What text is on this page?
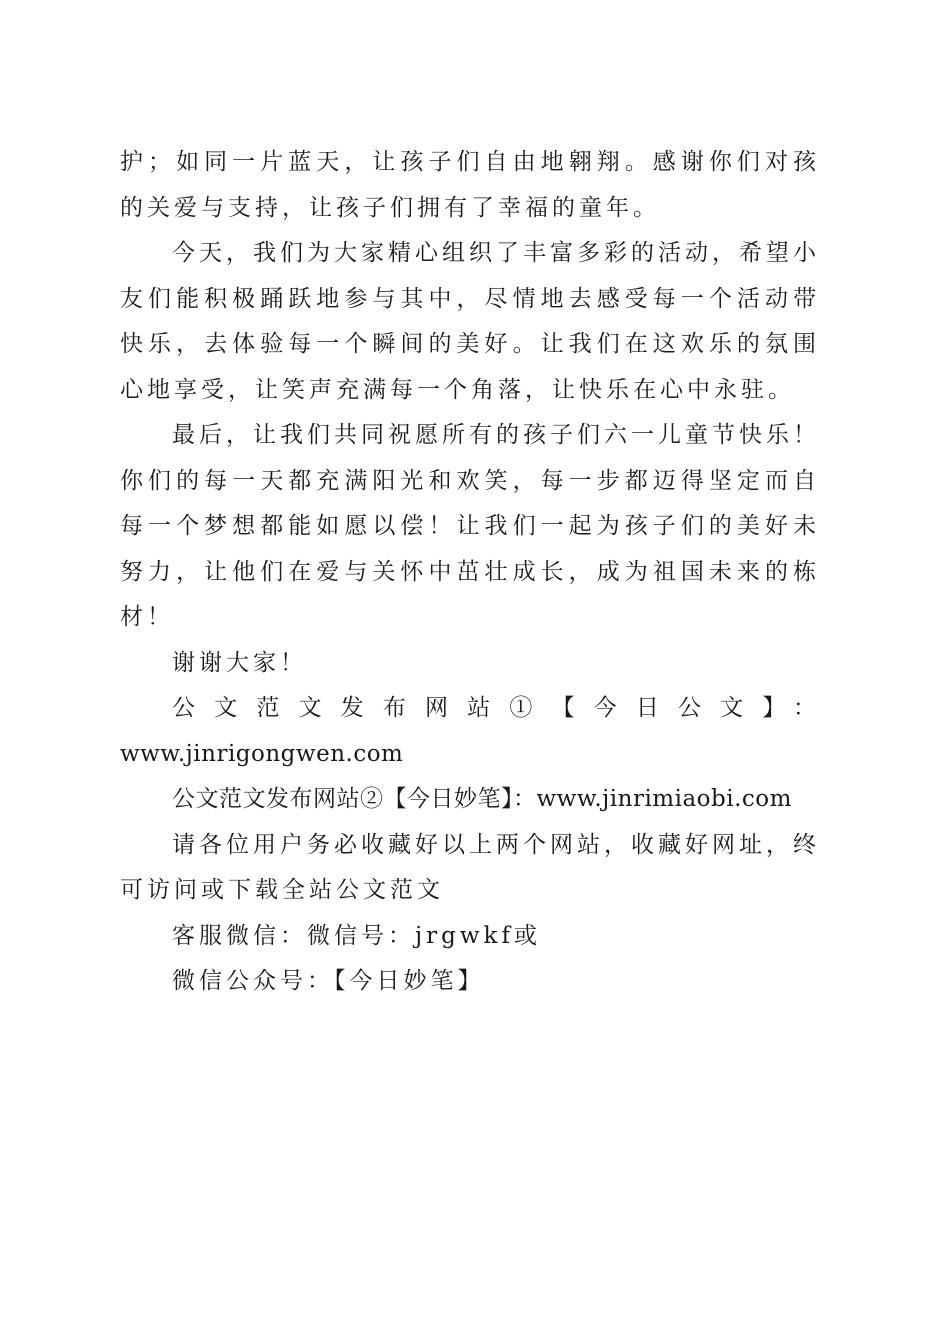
护；如同一片蓝天，让孩子们自由地翱翔。感谢你们对孩
的关爱与支持，让孩子们拥有了幸福的童年。
今天，我们为大家精心组织了丰富多彩的活动，希望小
友们能积极踊跃地参与其中，尽情地去感受每一个活动带
快乐，去体验每一个瞬间的美好。让我们在这欢乐的氛围
心地享受，让笑声充满每一个角落，让快乐在心中永驻。
最后，让我们共同祝愿所有的孩子们六一儿童节快乐！
你们的每一天都充满阳光和欢笑，每一步都迈得坚定而自
每一个梦想都能如愿以偿！让我们一起为孩子们的美好未
努力，让他们在爱与关怀中茁壮成长，成为祖国未来的栋
材！
谢谢大家！
公文范文发布网站①【今日公文】：
www.jinrigongwen.com
公文范文发布网站②【今日妙笔】：www.jinrimiaobi.com
请各位用户务必收藏好以上两个网站，收藏好网址，终
可访问或下载全站公文范文
客服微信：微信号：jrgwkf或
微信公众号：【今日妙笔】
